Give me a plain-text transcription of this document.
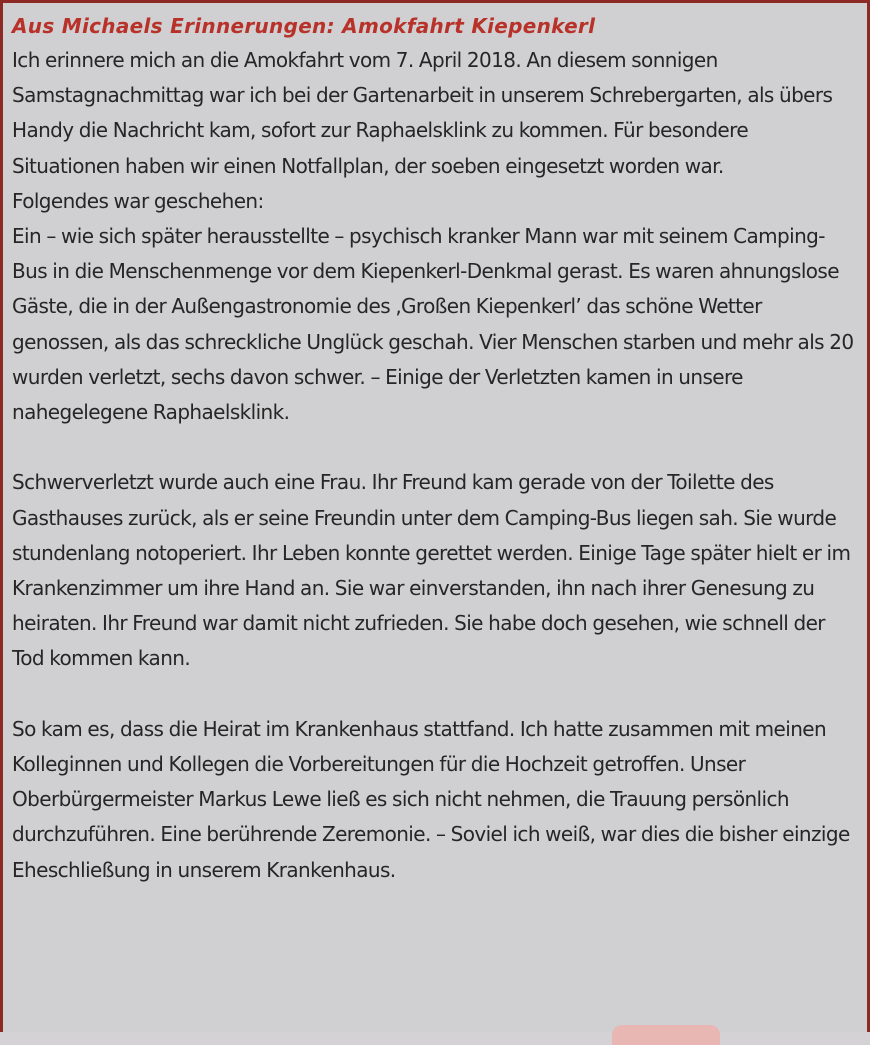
Aus Michaels Erinnerungen: Amokfahrt Kiepenkerl

Ich erinnere mich an die Amokfahrt vom 7. April 2018. An diesem sonnigen Samstagnachmittag war ich bei der Gartenarbeit in unserem Schrebergarten, als übers Handy die Nachricht kam, sofort zur Raphaelsklink zu kommen. Für besondere Situationen haben wir einen Notfallplan, der soeben eingesetzt worden war.

Folgendes war geschehen:

Ein – wie sich später herausstellte – psychisch kranker Mann war mit seinem Camping-Bus in die Menschenmenge vor dem Kiepenkerl-Denkmal gerast. Es waren ahnungslose Gäste, die in der Außengastronomie des ‚Großen Kiepenkerl’ das schöne Wetter genossen, als das schreckliche Unglück geschah. Vier Menschen starben und mehr als 20 wurden verletzt, sechs davon schwer. – Einige der Verletzten kamen in unsere nahegelegene Raphaelsklink.

Schwerverletzt wurde auch eine Frau. Ihr Freund kam gerade von der Toilette des Gasthauses zurück, als er seine Freundin unter dem Camping-Bus liegen sah. Sie wurde stundenlang notoperiert. Ihr Leben konnte gerettet werden. Einige Tage später hielt er im Krankenzimmer um ihre Hand an. Sie war einverstanden, ihn nach ihrer Genesung zu heiraten. Ihr Freund war damit nicht zufrieden. Sie habe doch gesehen, wie schnell der Tod kommen kann.

So kam es, dass die Heirat im Krankenhaus stattfand. Ich hatte zusammen mit meinen Kolleginnen und Kollegen die Vorbereitungen für die Hochzeit getroffen. Unser Oberbürgermeister Markus Lewe ließ es sich nicht nehmen, die Trauung persönlich durchzuführen. Eine berührende Zeremonie. – Soviel ich weiß, war dies die bisher einzige Eheschließung in unserem Krankenhaus.
